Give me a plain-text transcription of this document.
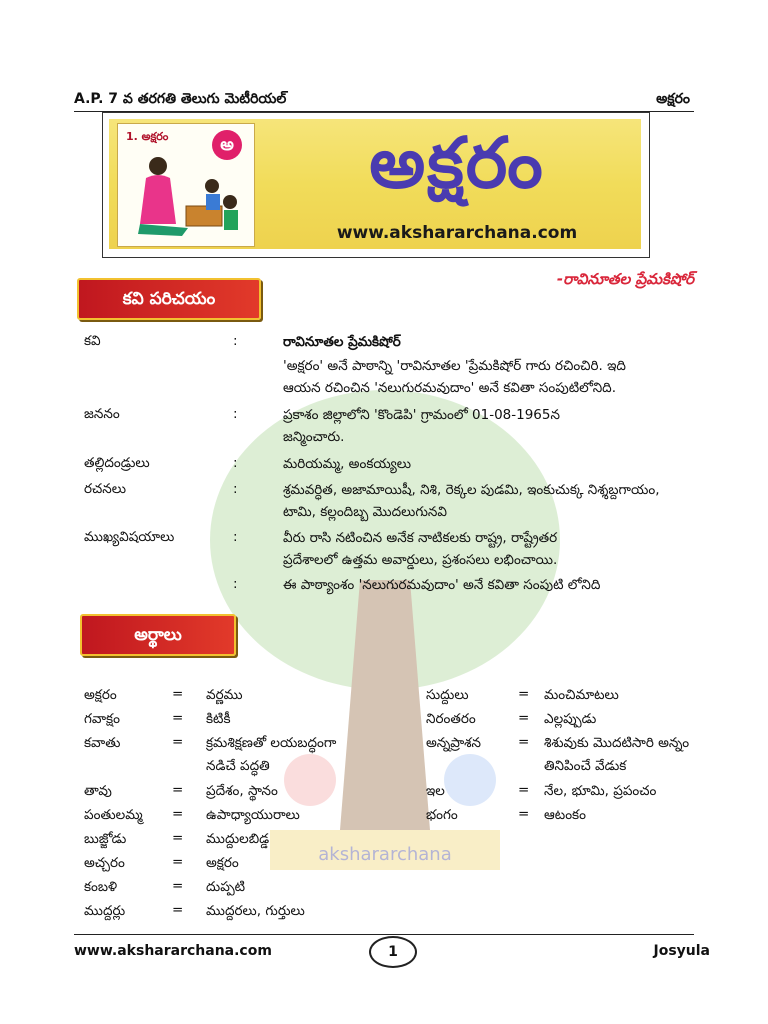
A.P. 7 వ తరగతి తెలుగు మెటీరియల్	అక్షరం
1. అక్షరం	అ	అక్షరం
www.akshararchana.com
akshararchana
కవి పరిచయం
-రావినూతల ప్రేమకిషోర్
కవి	:	రావినూతల ప్రేమకిషోర్
'అక్షరం' అనే పాఠాన్ని 'రావినూతల 'ప్రేమకిషోర్ గారు రచించిరి. ఇది
ఆయన రచించిన 'నలుగురమవుదాం' అనే కవితా సంపుటిలోనిది.
జననం	:	ప్రకాశం జిల్లాలోని 'కొండెపి' గ్రామంలో 01-08-1965న
జన్మించారు.
తల్లిదండ్రులు	:	మరియమ్మ, అంకయ్యలు
రచనలు	:	శ్రమవర్ధిత, అజామాయిషీ, నిశి, రెక్కల పుడమి, ఇంకుచుక్క నిశ్శబ్దగాయం,
టామి, కల్లందిబ్బ మొదలుగునవి
ముఖ్యవిషయాలు	:	వీరు రాసి నటించిన అనేక నాటికలకు రాష్ట్ర, రాష్ట్రేతర
ప్రదేశాలలో ఉత్తమ అవార్డులు, ప్రశంసలు లభించాయి.
:	ఈ పాఠ్యాంశం 'నలుగురమవుదాం' అనే కవితా సంపుటి లోనిది
అర్థాలు
అక్షరం	= వర్ణము
గవాక్షం	= కిటికీ
కవాతు	= క్రమశిక్షణతో లయబద్ధంగా
నడిచే పద్ధతి
తావు	= ప్రదేశం, స్థానం
పంతులమ్మ = ఉపాధ్యాయురాలు
బుజ్జోడు	= ముద్దులబిడ్డ
అచ్చరం	= అక్షరం
కంబళి	= దుప్పటి
ముద్దర్లు	= ముద్దరలు, గుర్తులు
సుద్దులు	= మంచిమాటలు
నిరంతరం	= ఎల్లప్పుడు
అన్నప్రాశన	= శిశువుకు మొదటిసారి అన్నం
తినిపించే వేడుక
ఇల	= నేల, భూమి, ప్రపంచం
భంగం	= ఆటంకం
www.akshararchana.com	1	Josyula
